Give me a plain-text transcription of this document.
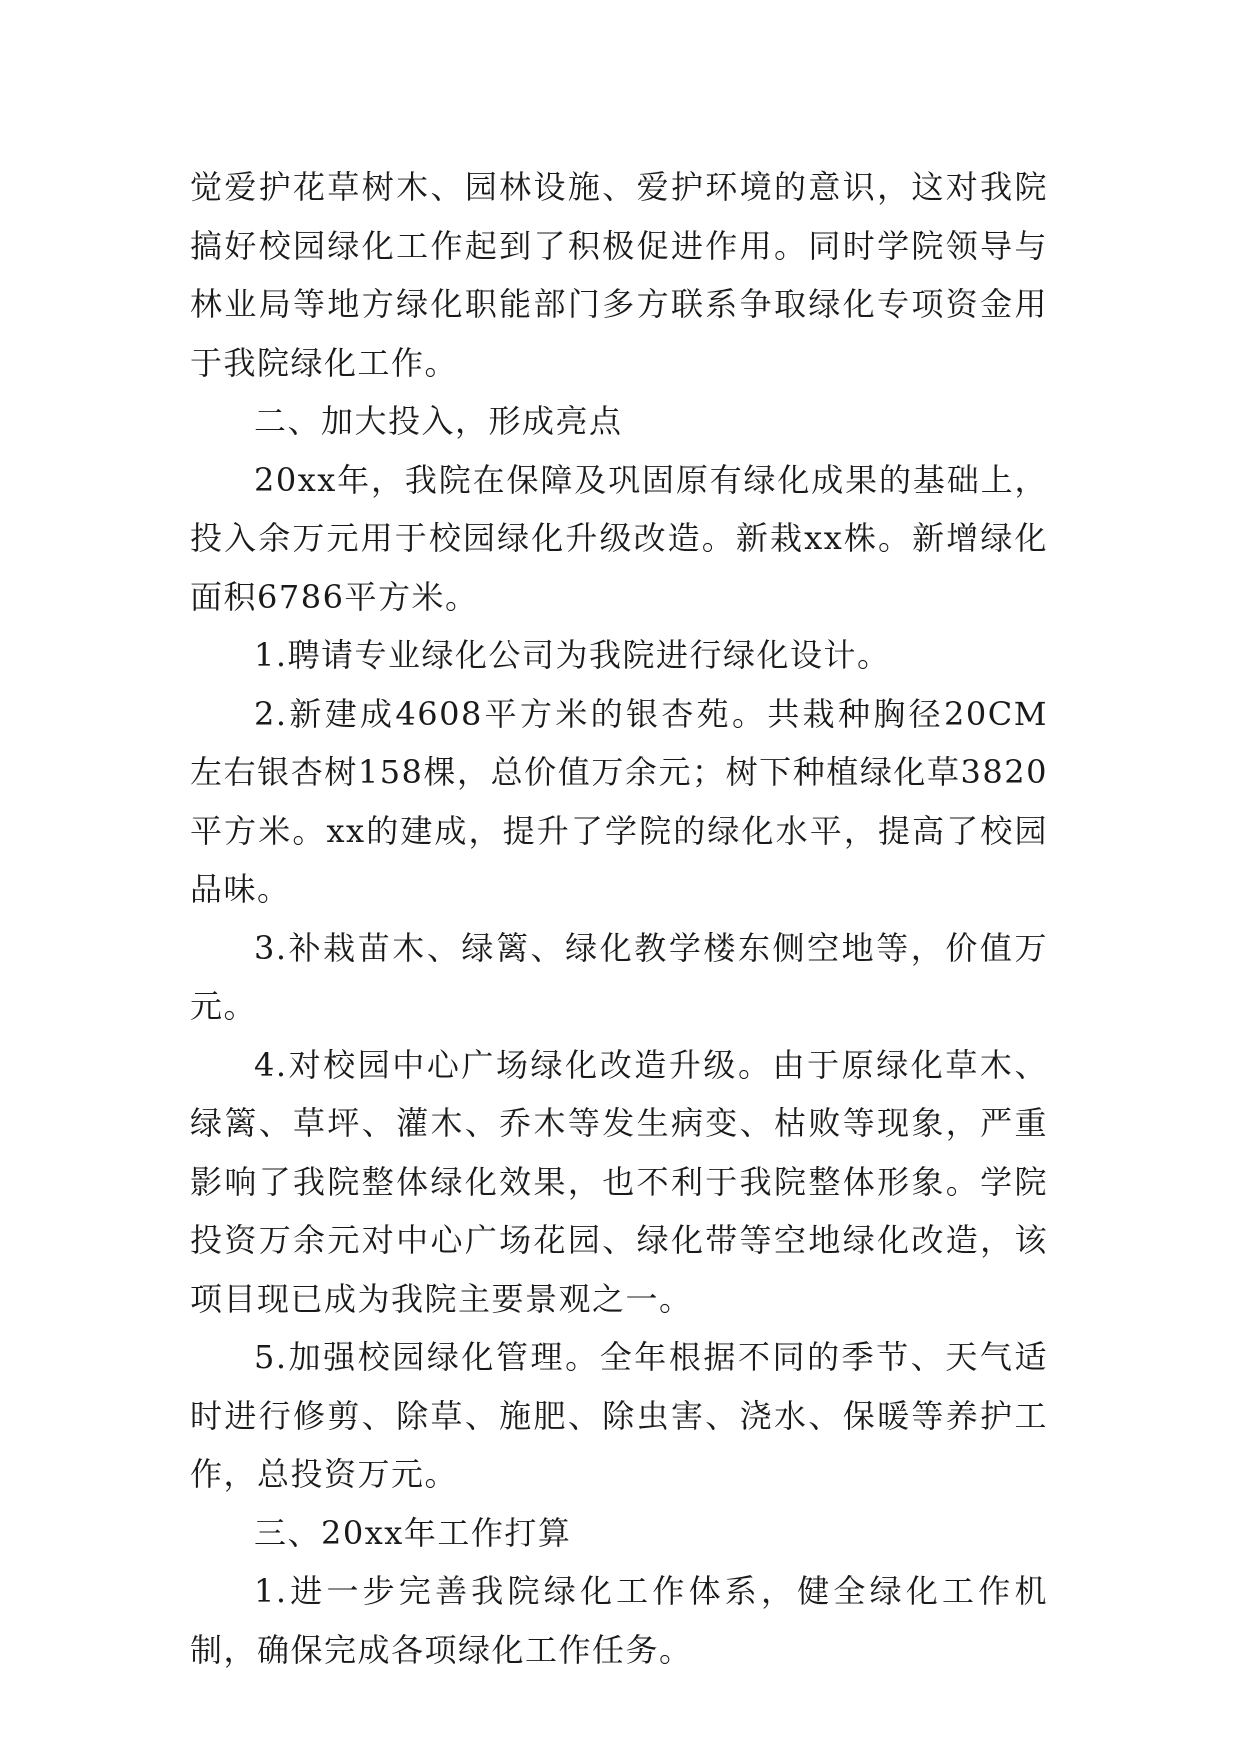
觉爱护花草树木、园林设施、爱护环境的意识，这对我院搞好校园绿化工作起到了积极促进作用。同时学院领导与林业局等地方绿化职能部门多方联系争取绿化专项资金用于我院绿化工作。

二、加大投入，形成亮点

20xx年，我院在保障及巩固原有绿化成果的基础上，投入余万元用于校园绿化升级改造。新栽xx株。新增绿化面积6786平方米。

1.聘请专业绿化公司为我院进行绿化设计。

2.新建成4608平方米的银杏苑。共栽种胸径20CM左右银杏树158棵，总价值万余元；树下种植绿化草3820平方米。xx的建成，提升了学院的绿化水平，提高了校园品味。

3.补栽苗木、绿篱、绿化教学楼东侧空地等，价值万元。

4.对校园中心广场绿化改造升级。由于原绿化草木、绿篱、草坪、灌木、乔木等发生病变、枯败等现象，严重影响了我院整体绿化效果，也不利于我院整体形象。学院投资万余元对中心广场花园、绿化带等空地绿化改造，该项目现已成为我院主要景观之一。

5.加强校园绿化管理。全年根据不同的季节、天气适时进行修剪、除草、施肥、除虫害、浇水、保暖等养护工作，总投资万元。

三、20xx年工作打算

1.进一步完善我院绿化工作体系，健全绿化工作机制，确保完成各项绿化工作任务。
